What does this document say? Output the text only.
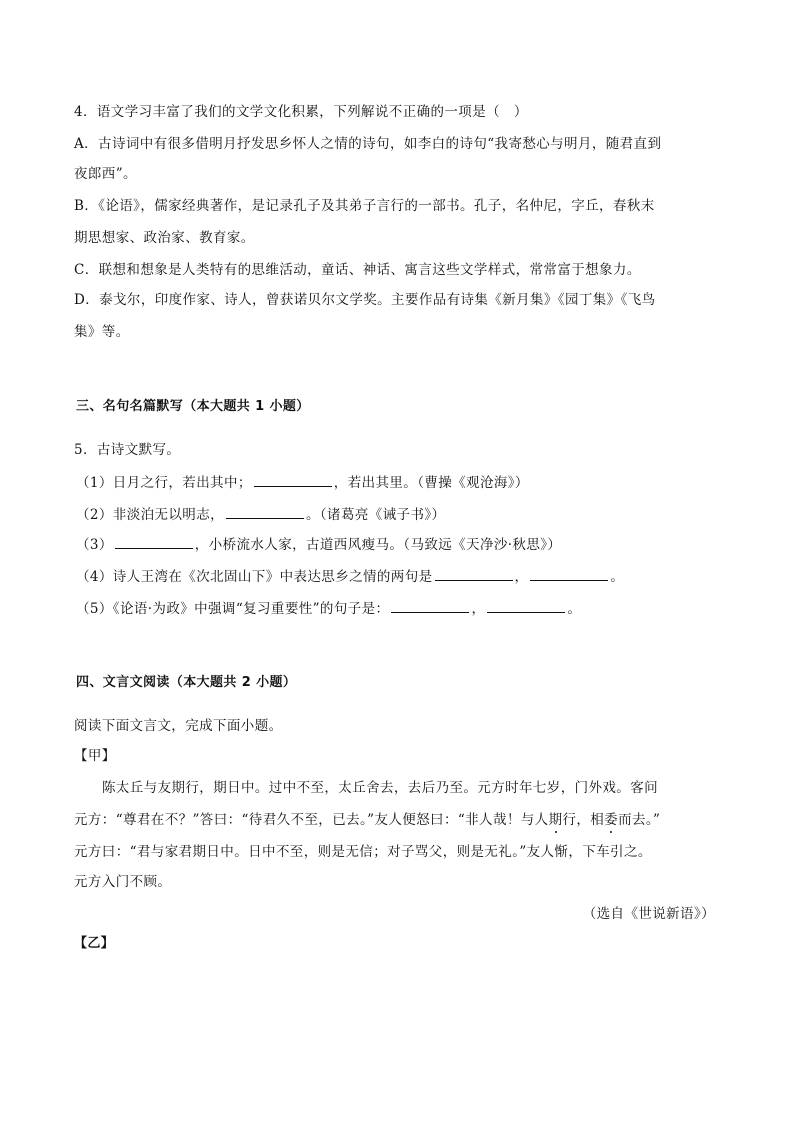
4．语文学习丰富了我们的文学文化积累，下列解说不正确的一项是（　）
A．古诗词中有很多借明月抒发思乡怀人之情的诗句，如李白的诗句“我寄愁心与明月，随君直到
夜郎西”。
B．《论语》，儒家经典著作，是记录孔子及其弟子言行的一部书。孔子，名仲尼，字丘，春秋末
期思想家、政治家、教育家。
C．联想和想象是人类特有的思维活动，童话、神话、寓言这些文学样式，常常富于想象力。
D．泰戈尔，印度作家、诗人，曾获诺贝尔文学奖。主要作品有诗集《新月集》《园丁集》《飞鸟
集》等。
三、名句名篇默写（本大题共 1 小题）
5．古诗文默写。
（1）日月之行，若出其中；	，若出其里。（曹操《观沧海》）
（2）非淡泊无以明志，	。（诸葛亮《诫子书》）
（3）	，小桥流水人家，古道西风瘦马。（马致远《天净沙·秋思》）
（4）诗人王湾在《次北固山下》中表达思乡之情的两句是	，	。
（5）《论语·为政》中强调“复习重要性”的句子是：	，	。
四、文言文阅读（本大题共 2 小题）
阅读下面文言文，完成下面小题。
【甲】
陈太丘与友期行，期日中。过中不至，太丘舍去，去后乃至。元方时年七岁，门外戏。客问
元方：“尊君在不？”答曰：“待君久不至，已去。”友人便怒曰：“非人哉！与人期行，相委而去。”
元方曰：“君与家君期日中。日中不至，则是无信；对子骂父，则是无礼。”友人惭，下车引之。
元方入门不顾。
（选自《世说新语》）
【乙】
